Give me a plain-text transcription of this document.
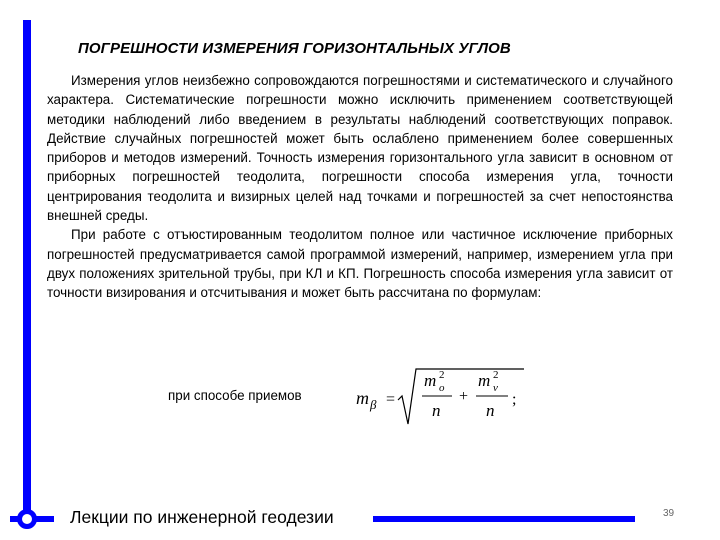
ПОГРЕШНОСТИ ИЗМЕРЕНИЯ ГОРИЗОНТАЛЬНЫХ УГЛОВ

Измерения углов неизбежно сопровождаются погрешностями и систематического и случайного характера. Систематические погрешности можно исключить применением соответствующей методики наблюдений либо введением в результаты наблюдений соответствующих поправок. Действие случайных погрешностей может быть ослаблено применением более совершенных приборов и методов измерений. Точность измерения горизонтального угла зависит в основном от приборных погрешностей теодолита, погрешности способа измерения угла, точности центрирования теодолита и визирных целей над точками и погрешностей за счет непостоянства внешней среды.

При работе с отъюстированным теодолитом полное или частичное исключение приборных погрешностей предусматривается самой программой измерений, например, измерением угла при двух положениях зрительной трубы, при КЛ и КП. Погрешность способа измерения угла зависит от точности визирования и отсчитывания и может быть рассчитана по формулам:

при способе приемов	m β =
m 2
o
n
+
m 2
v
n
;
Лекции по инженерной геодезии	39
